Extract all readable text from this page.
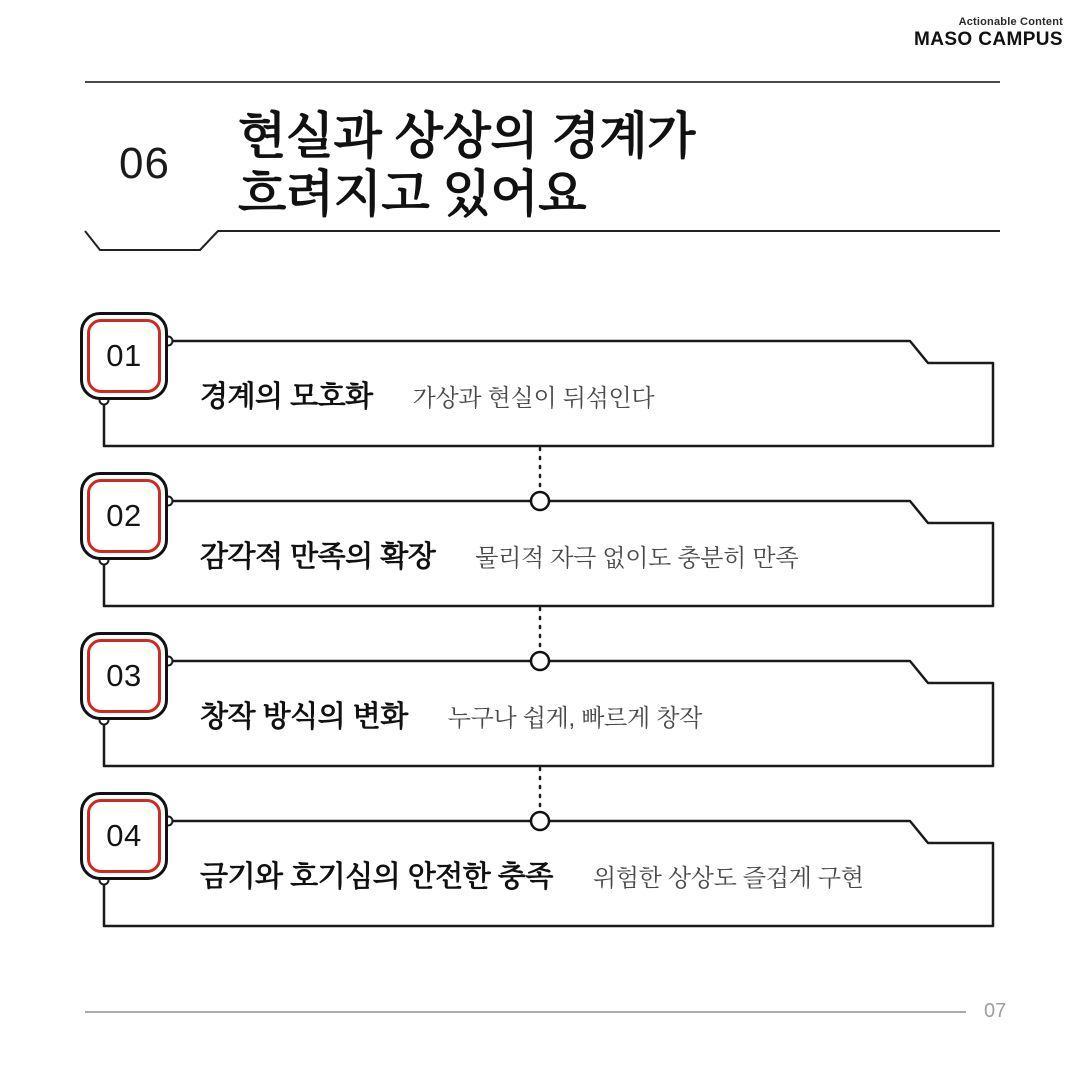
Actionable Content
MASO CAMPUS
06 현실과 상상의 경계가
흐려지고 있어요
01
02
03
04
경계의 모호화 가상과 현실이 뒤섞인다
감각적 만족의 확장 물리적 자극 없이도 충분히 만족
창작 방식의 변화 누구나 쉽게, 빠르게 창작
금기와 호기심의 안전한 충족 위험한 상상도 즐겁게 구현
07
